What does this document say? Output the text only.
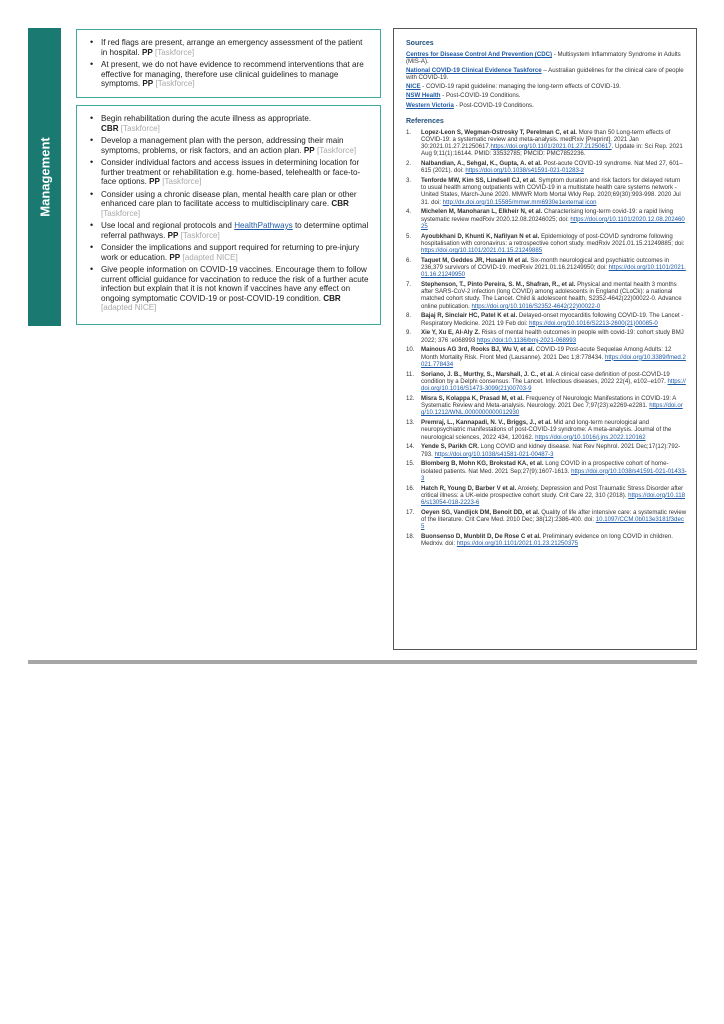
Management
• If red flags are present, arrange an emergency assessment of the patient in hospital. PP [Taskforce]
• At present, we do not have evidence to recommend interventions that are effective for managing, therefore use clinical guidelines to manage symptoms. PP [Taskforce]
• Begin rehabilitation during the acute illness as appropriate.
CBR [Taskforce]
• Develop a management plan with the person, addressing their main symptoms, problems, or risk factors, and an action plan. PP [Taskforce]
• Consider individual factors and access issues in determining location for further treatment or rehabilitation e.g. home-based, telehealth or face-to-face options. PP [Taskforce]
• Consider using a chronic disease plan, mental health care plan or other enhanced care plan to facilitate access to multidisciplinary care. CBR [Taskforce]
• Use local and regional protocols and HealthPathways to determine optimal referral pathways. PP [Taskforce]
• Consider the implications and support required for returning to pre-injury work or education. PP [adapted NICE]
• Give people information on COVID-19 vaccines. Encourage them to follow current official guidance for vaccination to reduce the risk of a further acute infection but explain that it is not known if vaccines have any effect on ongoing symptomatic COVID-19 or post-COVID-19 condition. CBR [adapted NICE]
Sources
Centres for Disease Control And Prevention (CDC) - Multisystem Inflammatory Syndrome in Adults (MIS-A).
National COVID-19 Clinical Evidence Taskforce – Australian guidelines for the clinical care of people with COVID-19.
NICE - COVID-19 rapid guideline: managing the long-term effects of COVID-19.
NSW Health - Post-COVID-19 Conditions.
Western Victoria - Post-COVID-19 Conditions.
References
1. Lopez-Leon S, Wegman-Ostrosky T, Perelman C, et al. More than 50 Long-term effects of COVID-19: a systematic review and meta-analysis. medRxiv [Preprint]. 2021 Jan 30:2021.01.27.21250617.https://doi.org/10.1101/2021.01.27.21250617. Update in: Sci Rep. 2021 Aug 9;11(1):16144. PMID: 33532785; PMCID: PMC7852236.
2. Nalbandian, A., Sehgal, K., Gupta, A. et al. Post-acute COVID-19 syndrome. Nat Med 27, 601–615 (2021). doi: https://doi.org/10.1038/s41591-021-01283-z
3. Tenforde MW, Kim SS, Lindsell CJ, et al. Symptom duration and risk factors for delayed return to usual health among outpatients with COVID-19 in a multistate health care systems network - United States, March-June 2020. MMWR Morb Mortal Wkly Rep. 2020;69(30):993-998. 2020 Jul 31. doi: http://dx.doi.org/10.15585/mmwr.mm6930e1external icon
4. Michelen M, Manoharan L, Elkheir N, et al. Characterising long-term covid-19: a rapid living systematic review medRxiv 2020.12.08.20246025; doi: https://doi.org/10.1101/2020.12.08.20246025
5. Ayoubkhani D, Khunti K, Nafilyan N et al. Epidemiology of post-COVID syndrome following hospitalisation with coronavirus: a retrospective cohort study. medRxiv 2021.01.15.21249885; doi: https://doi.org/10.1101/2021.01.15.21249885
6. Taquet M, Geddes JR, Husain M et al. Six-month neurological and psychiatric outcomes in 236,379 survivors of COVID-19. medRxiv 2021.01.16.21249950; doi: https://doi.org/10.1101/2021.01.16.21249950
7. Stephenson, T., Pinto Pereira, S. M., Shafran, R., et al. Physical and mental health 3 months after SARS-CoV-2 infection (long COVID) among adolescents in England (CLoCk): a national matched cohort study. The Lancet. Child & adolescent health, S2352-4642(22)00022-0. Advance online publication. https://doi.org/10.1016/S2352-4642(22)00022-0
8. Bajaj R, Sinclair HC, Patel K et al. Delayed-onset myocarditis following COVID-19. The Lancet -Respiratory Medicine. 2021 19 Feb doi: https://doi.org/10.1016/S2213-2600(21)00085-0
9. Xie Y, Xu E, Al-Aly Z. Risks of mental health outcomes in people with covid-19: cohort study BMJ 2022; 376 :e068993 https://doi:10.1136/bmj-2021-068993
10. Mainous AG 3rd, Rooks BJ, Wu V, et al. COVID-19 Post-acute Sequelae Among Adults: 12 Month Mortality Risk. Front Med (Lausanne). 2021 Dec 1;8:778434. https://doi.org/10.3389/fmed.2021.778434
11. Soriano, J. B., Murthy, S., Marshall, J. C., et al. A clinical case definition of post-COVID-19 condition by a Delphi consensus. The Lancet. Infectious diseases, 2022 22(4), e102–e107. https://doi.org/10.1016/S1473-3099(21)00703-9
12. Misra S, Kolappa K, Prasad M, et al. Frequency of Neurologic Manifestations in COVID-19: A Systematic Review and Meta-analysis. Neurology. 2021 Dec 7;97(23):e2269-e2281. https://doi.org/10.1212/WNL.0000000000012930
13. Premraj, L., Kannapadi, N. V., Briggs, J., et al. Mid and long-term neurological and neuropsychiatric manifestations of post-COVID-19 syndrome: A meta-analysis. Journal of the neurological sciences, 2022 434, 120162. https://doi.org/10.1016/j.jns.2022.120162
14. Yende S, Parikh CR. Long COVID and kidney disease. Nat Rev Nephrol. 2021 Dec;17(12):792-793. https://doi.org/10.1038/s41581-021-00487-3
15. Blomberg B, Mohn KG, Brokstad KA, et al. Long COVID in a prospective cohort of home-isolated patients. Nat Med. 2021 Sep;27(9):1607-1613. https://doi.org/10.1038/s41591-021-01433-3
16. Hatch R, Young D, Barber V et al. Anxiety, Depression and Post Traumatic Stress Disorder after critical illness: a UK-wide prospective cohort study. Crit Care 22, 310 (2018). https://doi.org/10.1186/s13054-018-2223-6
17. Oeyen SG, Vandijck DM, Benoit DD, et al. Quality of life after intensive care: a systematic review of the literature. Crit Care Med. 2010 Dec; 38(12):2386-400. doi: 10.1097/CCM.0b013e3181f3dec5
18. Buonsenso D, Munblit D, De Rose C et al. Preliminary evidence on long COVID in children. Medrxiv. doi: https://doi.org/10.1101/2021.01.23.21250375
